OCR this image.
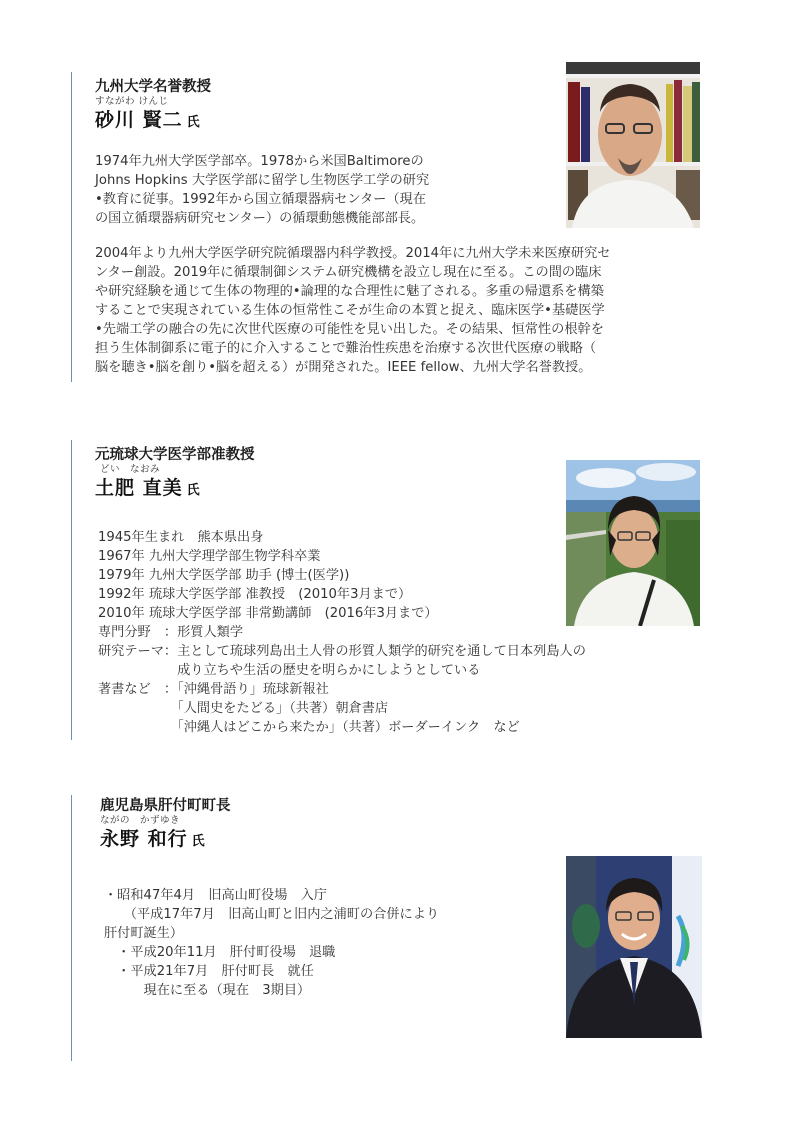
九州大学名誉教授
すながわ けんじ
砂川 賢二 氏
1974年九州大学医学部卒。1978から米国Baltimoreの
Johns Hopkins 大学医学部に留学し生物医学工学の研究
•教育に従事。1992年から国立循環器病センター（現在
の国立循環器病研究センター）の循環動態機能部部長。
2004年より九州大学医学研究院循環器内科学教授。2014年に九州大学未来医療研究セ
ンター創設。2019年に循環制御システム研究機構を設立し現在に至る。この間の臨床
や研究経験を通じて生体の物理的•論理的な合理性に魅了される。多重の帰還系を構築
することで実現されている生体の恒常性こそが生命の本質と捉え、臨床医学•基礎医学
•先端工学の融合の先に次世代医療の可能性を見い出した。その結果、恒常性の根幹を
担う生体制御系に電子的に介入することで難治性疾患を治療する次世代医療の戦略（
脳を聴き•脳を創り•脳を超える）が開発された。IEEE fellow、九州大学名誉教授。
元琉球大学医学部准教授
どい　なおみ
土肥 直美 氏
1945年生まれ　熊本県出身
1967年 九州大学理学部生物学科卒業
1979年 九州大学医学部 助手 (博士(医学))
1992年 琉球大学医学部 准教授　(2010年3月まで）
2010年 琉球大学医学部 非常勤講師　(2016年3月まで）
専門分野　：形質人類学
研究テーマ：主として琉球列島出土人骨の形質人類学的研究を通して日本列島人の
　　　　　　成り立ちや生活の歴史を明らかにしようとしている
著書など　：「沖縄骨語り」琉球新報社
　　　　　　「人間史をたどる」（共著）朝倉書店
　　　　　　「沖縄人はどこから来たか」（共著）ボーダーインク　など
鹿児島県肝付町町長
ながの　かずゆき
永野 和行 氏
・昭和47年4月　旧高山町役場　入庁
　　（平成17年7月　旧高山町と旧内之浦町の合併により
肝付町誕生）
　・平成20年11月　肝付町役場　退職
　・平成21年7月　肝付町長　就任
　　　現在に至る（現在　3期目）
